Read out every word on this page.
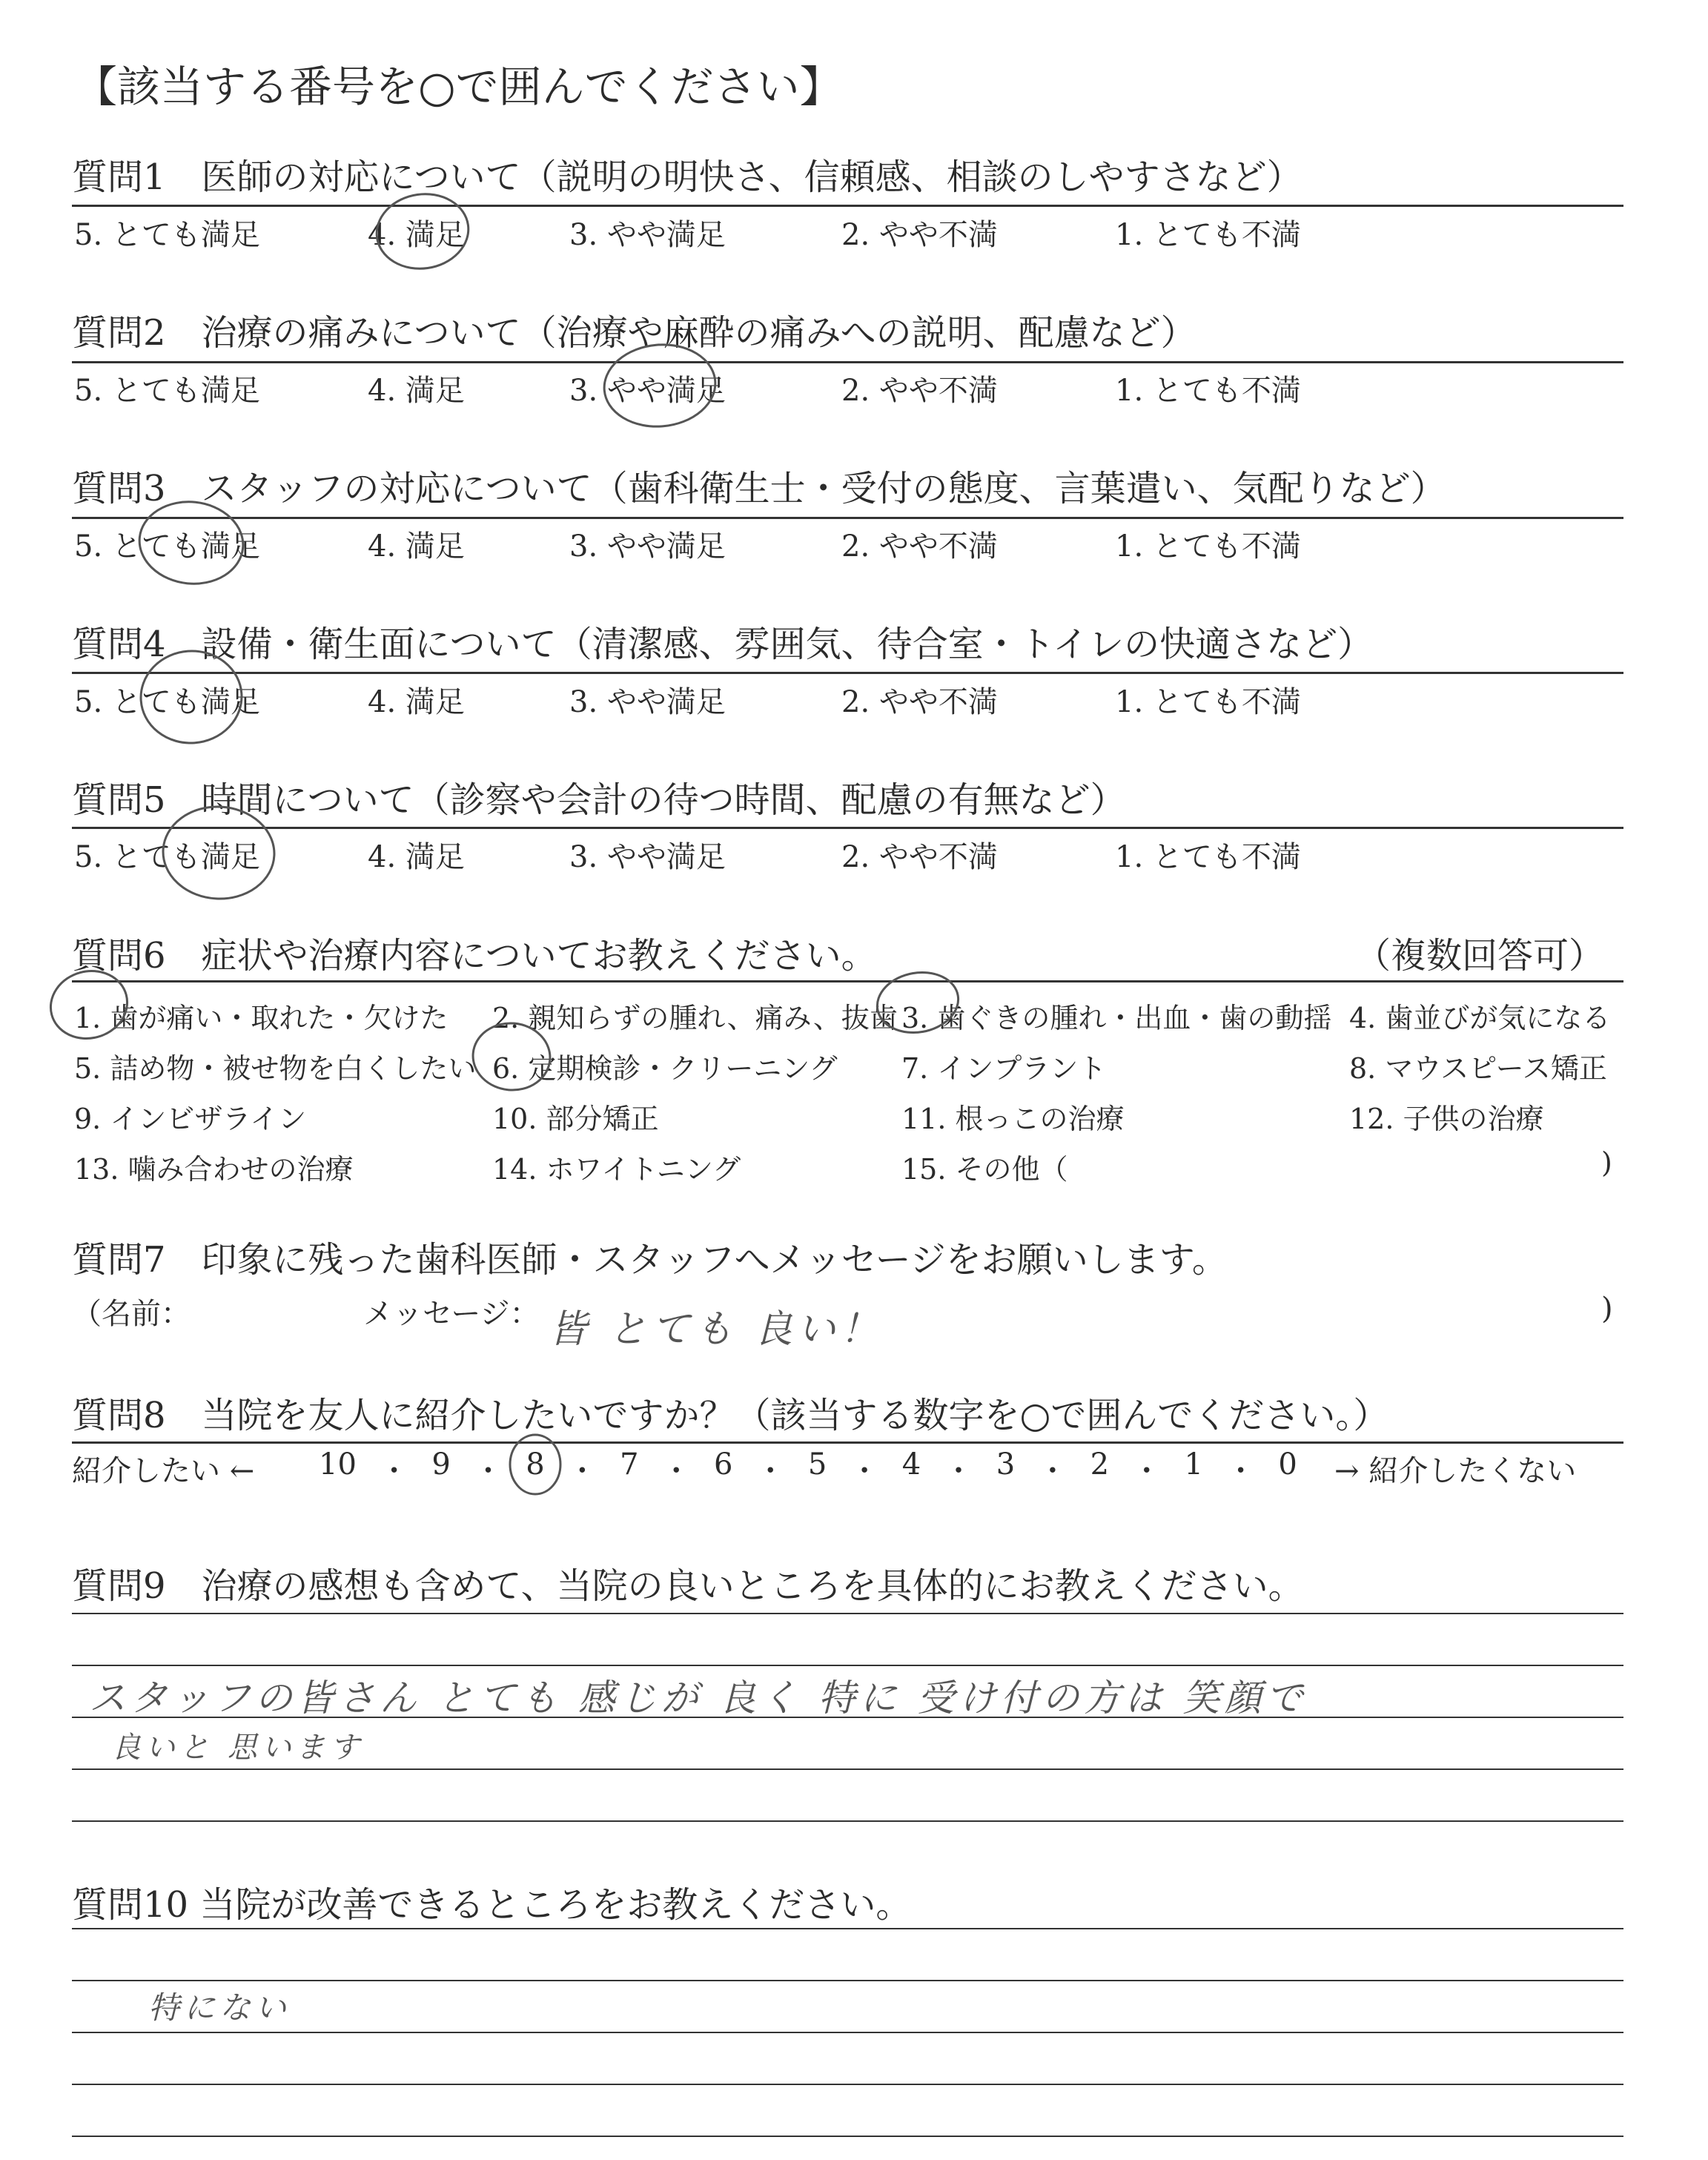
【該当する番号を○で囲んでください】
質問1　医師の対応について（説明の明快さ、信頼感、相談のしやすさなど）
5. とても満足	4. 満足	3. やや満足	2. やや不満	1. とても不満
質問2　治療の痛みについて（治療や麻酔の痛みへの説明、配慮など）
5. とても満足	4. 満足	3. やや満足	2. やや不満	1. とても不満
質問3　スタッフの対応について（歯科衛生士・受付の態度、言葉遣い、気配りなど）
5. とても満足	4. 満足	3. やや満足	2. やや不満	1. とても不満
質問4　設備・衛生面について（清潔感、雰囲気、待合室・トイレの快適さなど）
5. とても満足	4. 満足	3. やや満足	2. やや不満	1. とても不満
質問5　時間について（診察や会計の待つ時間、配慮の有無など）
5. とても満足	4. 満足	3. やや満足	2. やや不満	1. とても不満
質問6　症状や治療内容についてお教えください。	（複数回答可）
1. 歯が痛い・取れた・欠けた 2. 親知らずの腫れ、痛み、抜歯 3. 歯ぐきの腫れ・出血・歯の動揺 4. 歯並びが気になる
5. 詰め物・被せ物を白くしたい 6. 定期検診・クリーニング 7. インプラント	8. マウスピース矯正
9. インビザライン	10. 部分矯正	11. 根っこの治療	12. 子供の治療
13. 噛み合わせの治療	14. ホワイトニング	15. その他（	)
質問7　印象に残った歯科医師・スタッフへメッセージをお願いします。
（名前：	メッセージ： 皆 とても 良い！	)
質問8　当院を友人に紹介したいですか？（該当する数字を○で囲んでください。）
紹介したい ← 10 ・ 9 ・ 8 ・ 7 ・ 6 ・ 5 ・ 4 ・ 3 ・ 2 ・ 1 ・ 0 → 紹介したくない
質問9　治療の感想も含めて、当院の良いところを具体的にお教えください。
スタッフの皆さん とても 感じが 良く 特に 受け付の方は 笑顔で
良いと 思います
質問10 当院が改善できるところをお教えください。
特にない
